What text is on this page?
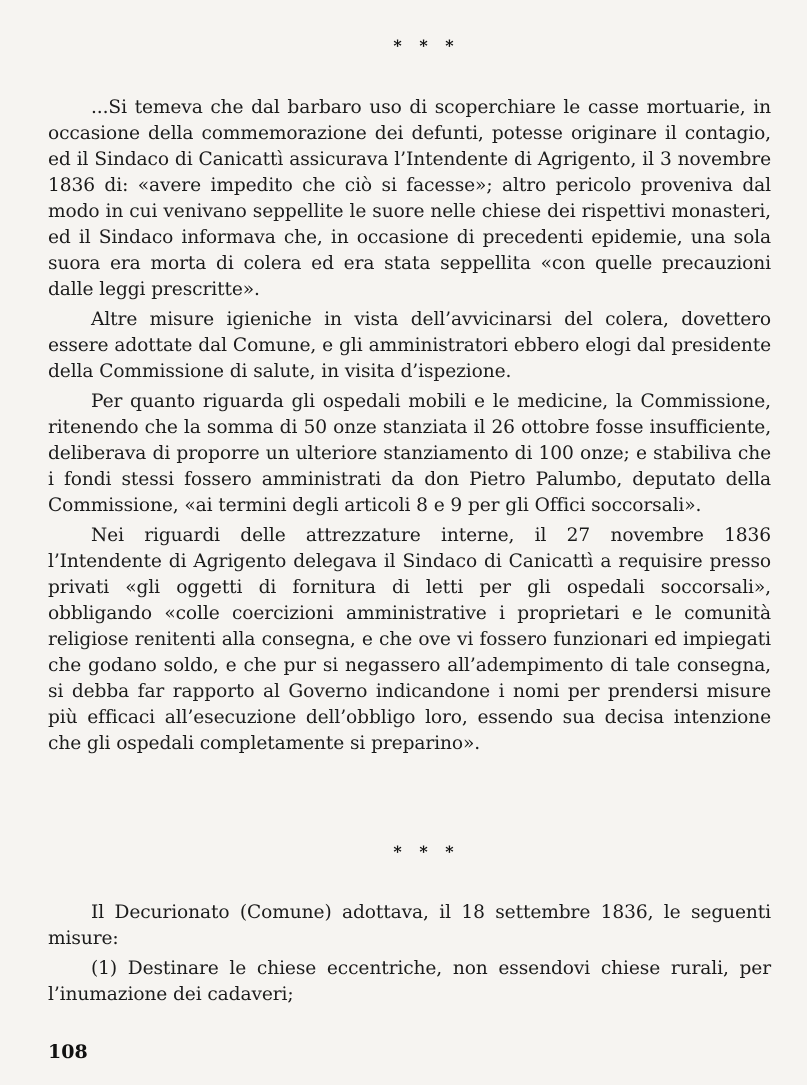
* * *

...Si temeva che dal barbaro uso di scoperchiare le casse mortuarie, in occasione della commemorazione dei defunti, potesse originare il contagio, ed il Sindaco di Canicattì assicurava l’Intendente di Agrigento, il 3 novembre 1836 di: «avere impedito che ciò si facesse»; altro pericolo proveniva dal modo in cui venivano seppellite le suore nelle chiese dei rispettivi monasteri, ed il Sindaco informava che, in occasione di precedenti epidemie, una sola suora era morta di colera ed era stata seppellita «con quelle precauzioni dalle leggi prescritte».

Altre misure igieniche in vista dell’avvicinarsi del colera, dovettero essere adottate dal Comune, e gli amministratori ebbero elogi dal presidente della Commissione di salute, in visita d’ispezione.

Per quanto riguarda gli ospedali mobili e le medicine, la Commissione, ritenendo che la somma di 50 onze stanziata il 26 ottobre fosse insufficiente, deliberava di proporre un ulteriore stanziamento di 100 onze; e stabiliva che i fondi stessi fossero amministrati da don Pietro Palumbo, deputato della Commissione, «ai termini degli articoli 8 e 9 per gli Offici soccorsali».

Nei riguardi delle attrezzature interne, il 27 novembre 1836 l’Intendente di Agrigento delegava il Sindaco di Canicattì a requisire presso privati «gli oggetti di fornitura di letti per gli ospedali soccorsali», obbligando «colle coercizioni amministrative i proprietari e le comunità religiose renitenti alla consegna, e che ove vi fossero funzionari ed impiegati che godano soldo, e che pur si negassero all’adempimento di tale consegna, si debba far rapporto al Governo indicandone i nomi per prendersi misure più efficaci all’esecuzione dell’obbligo loro, essendo sua decisa intenzione che gli ospedali completamente si preparino».

* * *

Il Decurionato (Comune) adottava, il 18 settembre 1836, le seguenti misure:

(1) Destinare le chiese eccentriche, non essendovi chiese rurali, per l’inumazione dei cadaveri;

108
